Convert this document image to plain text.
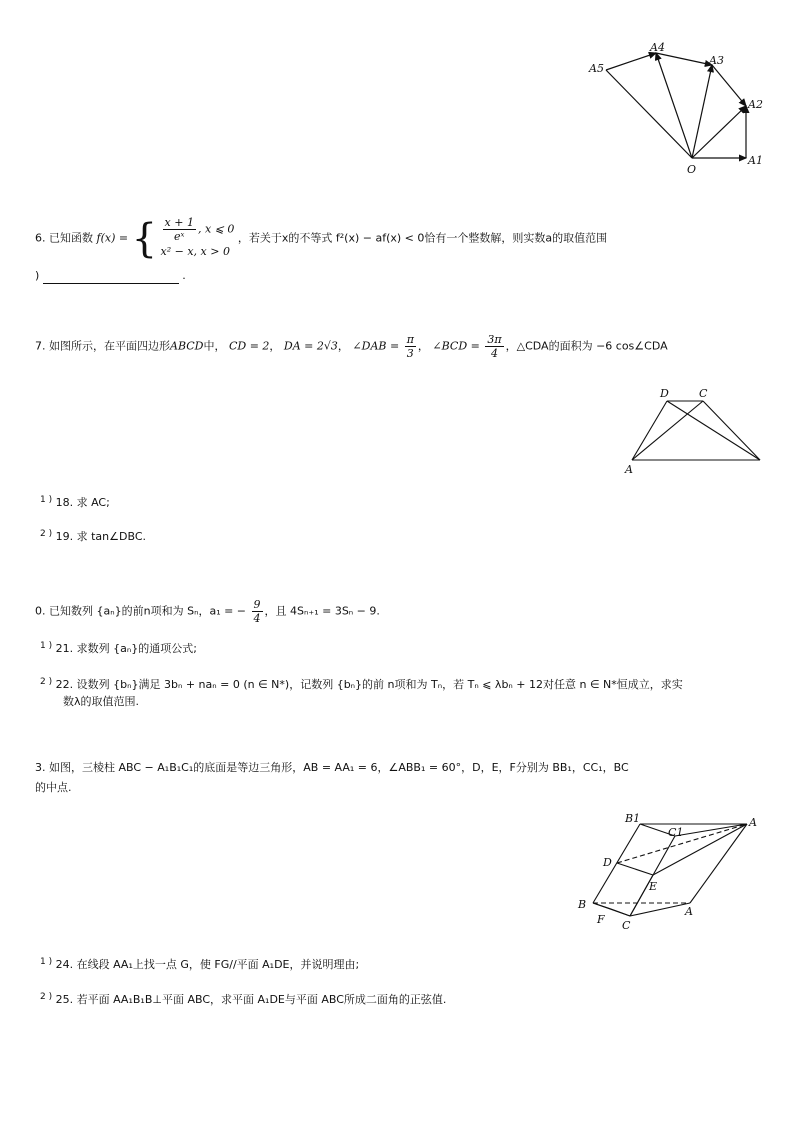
A5
A4
A3
A2
O
A1
6. 已知函数 f(x) = { $\frac{x + 1}{\text{eˣ}}$ , x ⩽ 0
x² − x, x > 0
，若关于x的不等式 f²(x) − af(x) < 0恰有一个整数解，则实数a的取值范围
)	.
7. 如图所示，在平面四边形ABCD中， CD = 2， DA = 2√3， ∠DAB = $\frac{\pi}{3}$ ， ∠BCD = $\frac{3\pi}{4}$ ，△CDA的面积为 −6 cos∠CDA
D	C
A
$^{1 )}$ 18. 求 AC;
$^{2 )}$ 19. 求 tan∠DBC.
0. 已知数列 {aₙ}的前n项和为 Sₙ，a₁ = − $\frac{9}{4}$ ，且 4Sₙ₊₁ = 3Sₙ − 9.
$^{1 )}$ 21. 求数列 {aₙ}的通项公式;
$^{2 )}$ 22. 设数列 {bₙ}满足 3bₙ + naₙ = 0 (n ∈ N*)，记数列 {bₙ}的前 n项和为 Tₙ，若 Tₙ ⩽ λbₙ + 12对任意 n ∈ N*恒成立，求实
数λ的取值范围.
3. 如图，三棱柱 ABC − A₁B₁C₁的底面是等边三角形，AB = AA₁ = 6，∠ABB₁ = 60°，D，E，F分别为 BB₁，CC₁，BC
的中点.
B1
C1
A
D
E
B
F C
A
$^{1 )}$ 24. 在线段 AA₁上找一点 G，使 FG//平面 A₁DE，并说明理由;
$^{2 )}$ 25. 若平面 AA₁B₁B⊥平面 ABC，求平面 A₁DE与平面 ABC所成二面角的正弦值.
